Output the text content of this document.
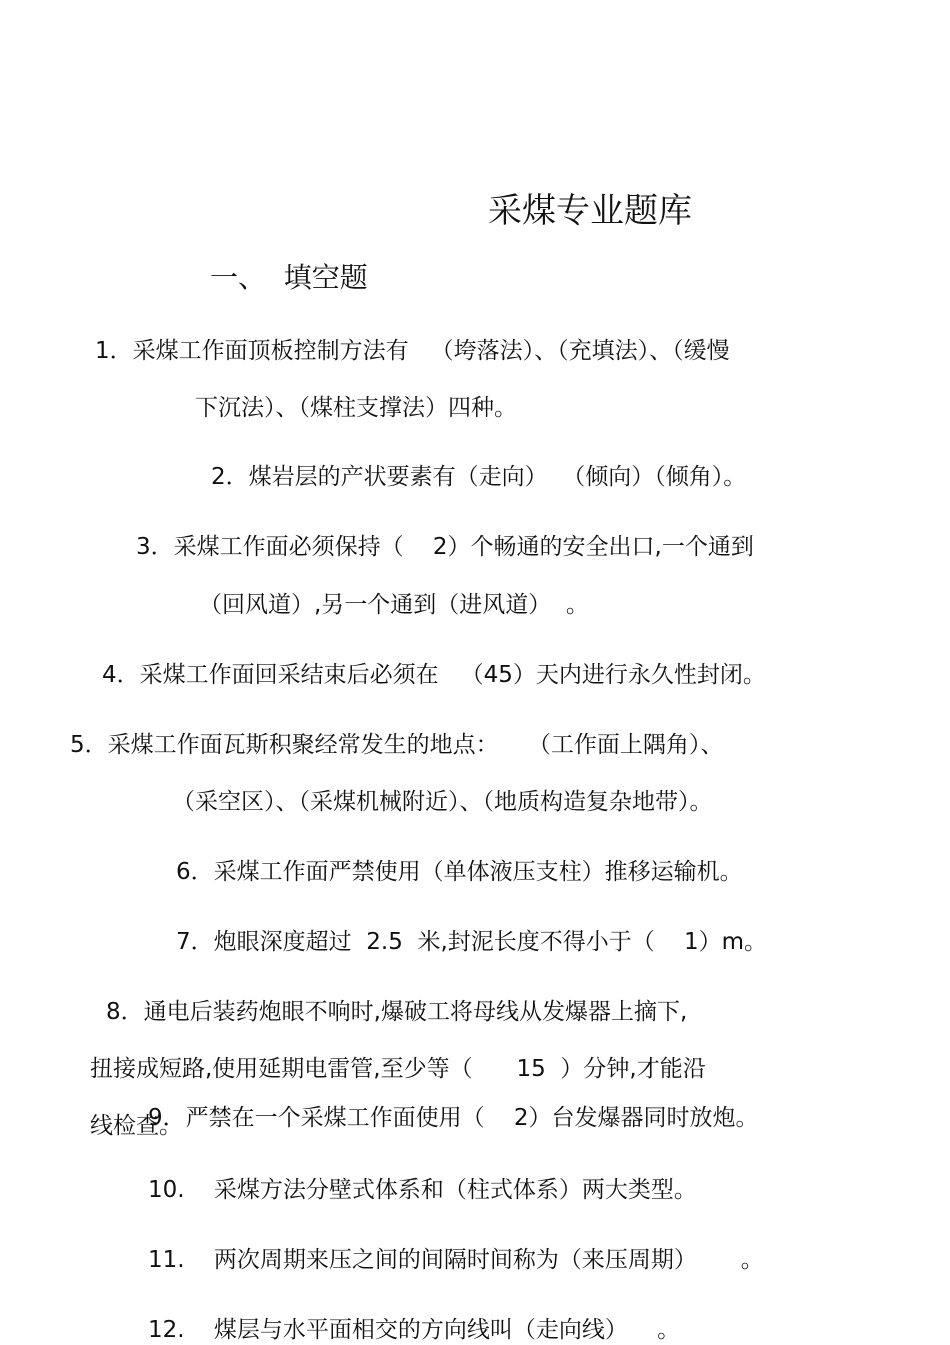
采煤专业题库
一、  填空题
1．采煤工作面顶板控制方法有   （垮落法）、（充填法）、（缓慢
下沉法）、（煤柱支撑法）四种。
2．煤岩层的产状要素有（走向）  （倾向）（倾角）。
3．采煤工作面必须保持（    2）个畅通的安全出口,一个通到
（回风道）,另一个通到（进风道）  。
4．采煤工作面回采结束后必须在   （45）天内进行永久性封闭。
5．采煤工作面瓦斯积聚经常发生的地点：    （工作面上隅角）、
（采空区）、（采煤机械附近）、（地质构造复杂地带）。
6．采煤工作面严禁使用（单体液压支柱）推移运输机。
7．炮眼深度超过  2.5  米,封泥长度不得小于（    1）m。
8．通电后装药炮眼不响时,爆破工将母线从发爆器上摘下,
扭接成短路,使用延期电雷管,至少等（      15  ）分钟,才能沿
线检查。
9．严禁在一个采煤工作面使用（    2）台发爆器同时放炮。
10.    采煤方法分壁式体系和（柱式体系）两大类型。
11.    两次周期来压之间的间隔时间称为（来压周期）      。
12.    煤层与水平面相交的方向线叫（走向线）    。
